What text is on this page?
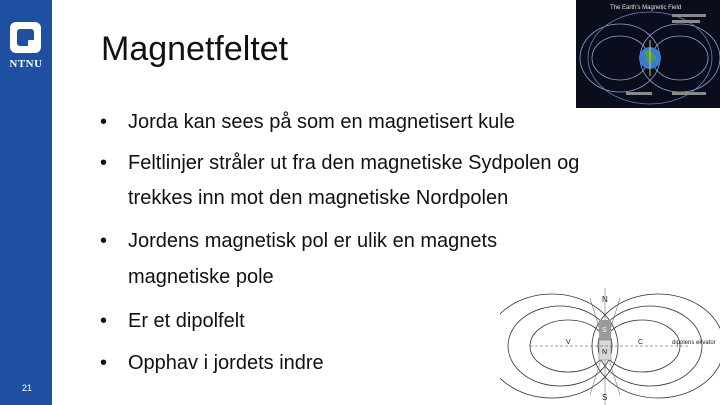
NTNU
21
Magnetfeltet
•	Jorda kan sees på som en magnetisert kule
•	Feltlinjer stråler ut fra den magnetiske Sydpolen og
•	Jordens magnetisk pol er ulik en magnets
•	Er et dipolfelt
•	Opphav i jordets indre
trekkes inn mot den magnetiske Nordpolen
magnetiske pole
The Earth's Magnetic Field
N
S
S
N
V	C	dipolens ekvator
